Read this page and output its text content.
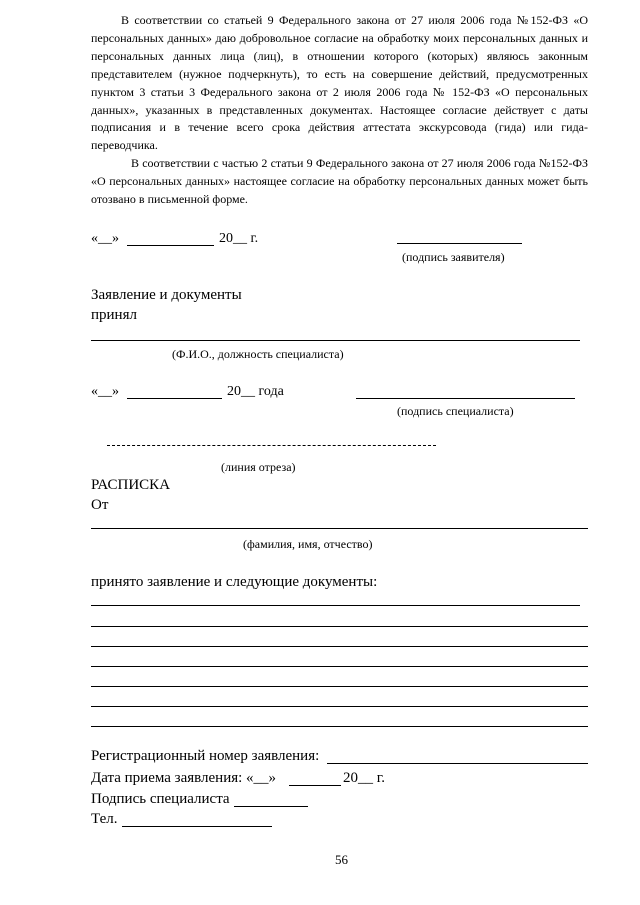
В соответствии со статьей 9 Федерального закона от 27 июля 2006 года №152-ФЗ «О персональных данных» даю добровольное согласие на обработку моих персональных данных и персональных данных лица (лиц), в отношении которого (которых) являюсь законным представителем (нужное подчеркнуть), то есть на совершение действий, предусмотренных пунктом 3 статьи 3 Федерального закона от 2 июля 2006 года № 152-ФЗ «О персональных данных», указанных в представленных документах. Настоящее согласие действует с даты подписания и в течение всего срока действия аттестата экскурсовода (гида) или гида-переводчика.

В соответствии с частью 2 статьи 9 Федерального закона от 27 июля 2006 года №152-ФЗ «О персональных данных» настоящее согласие на обработку персональных данных может быть отозвано в письменной форме.

«__»	20__ г.
(подпись заявителя)
Заявление и документы
принял
(Ф.И.О., должность специалиста)
«__»	20__ года
(подпись специалиста)
(линия отреза)
РАСПИСКА
От
(фамилия, имя, отчество)
принято заявление и следующие документы:
Регистрационный номер заявления:
Дата приема заявления: «__»	20__ г.
Подпись специалиста
Тел.
56
